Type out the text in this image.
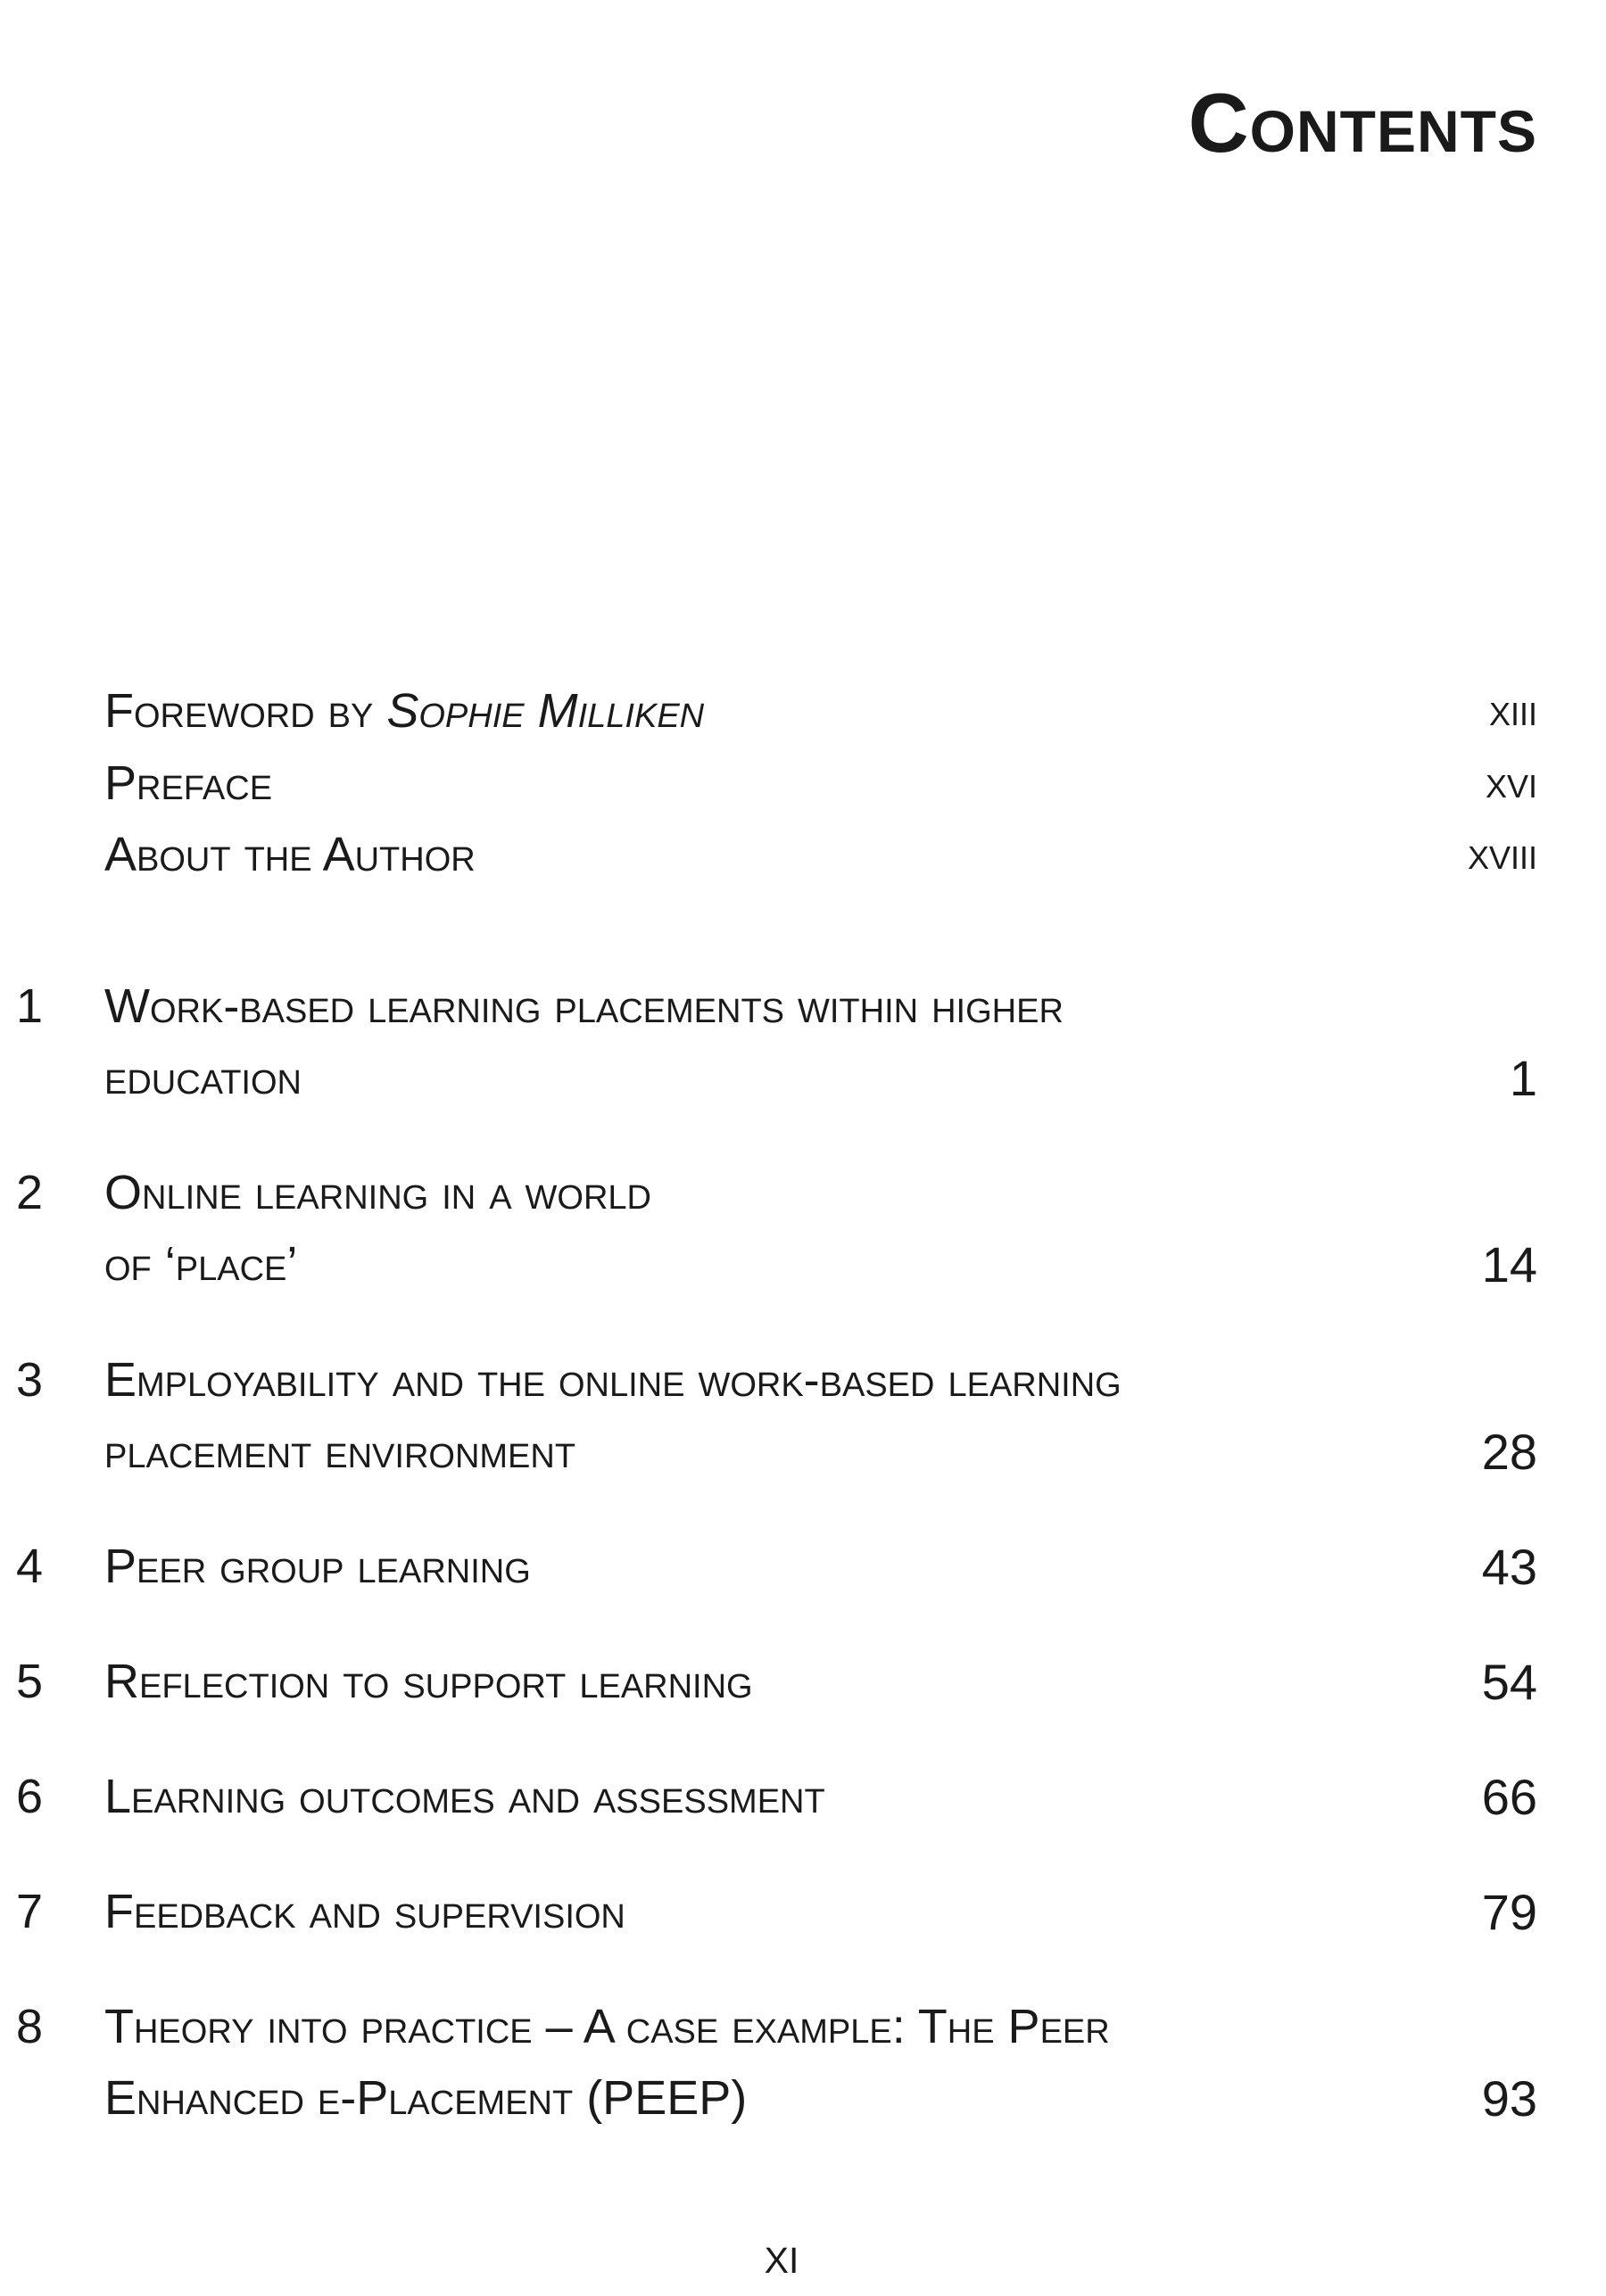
Contents
Foreword by Sophie Milliken	xiii
Preface	xvi
About the Author	xviii
1 Work-based learning placements within higher
education	1
2 Online learning in a world
of ‘place’	14
3 Employability and the online work-based learning
placement environment	28
4 Peer group learning	43
5 Reflection to support learning	54
6 Learning outcomes and assessment	66
7 Feedback and supervision	79
8 Theory into practice – A case example: The Peer
Enhanced e-Placement (PEEP)	93
xi
